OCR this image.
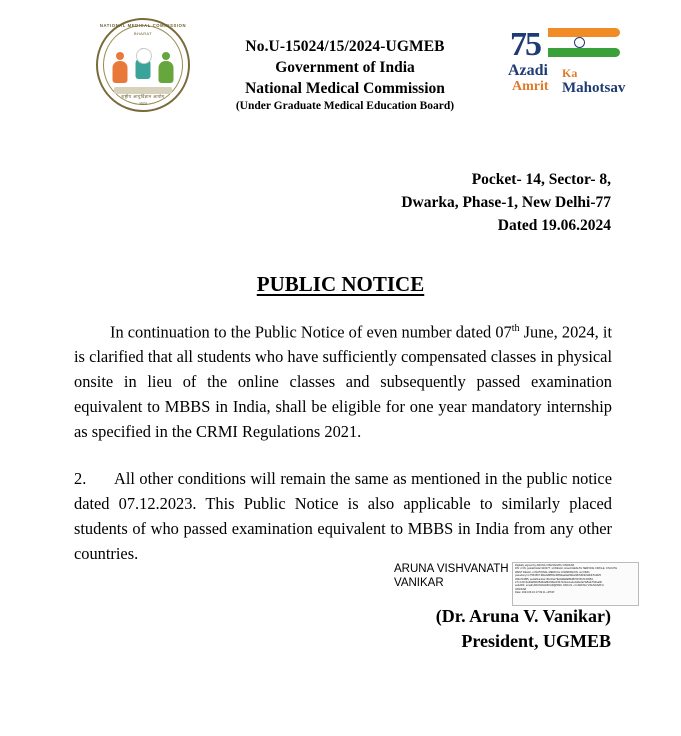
NATIONAL MEDICAL COMMISSION
BHARAT
राष्ट्रीय आयुर्विज्ञान आयोग
भारत
No.U-15024/15/2024-UGMEB
Government of India
National Medical Commission
(Under Graduate Medical Education Board)
75
Azadi Ka
Amrit Mahotsav
Pocket- 14, Sector- 8,
Dwarka, Phase-1, New Delhi-77
Dated 19.06.2024
PUBLIC NOTICE

In continuation to the Public Notice of even number dated 07th June, 2024, it is clarified that all students who have sufficiently compensated classes in physical onsite in lieu of the online classes and subsequently passed examination equivalent to MBBS in India, shall be eligible for one year mandatory internship as specified in the CRMI Regulations 2021.

2. All other conditions will remain the same as mentioned in the public notice dated 07.12.2023. This Public Notice is also applicable to similarly placed students of who passed examination equivalent to MBBS in India from any other countries.

ARUNA VISHVANATH
VANIKAR
Digitally signed by ARUNA VISHVANATH VANIKAR
DN: c=IN, postalCode=110077, st=DELHI, street=HEALTH SERVICE CIRCLE, l=SOUTH
WEST DELHI, o=NATIONAL MEDICAL COMMISSION, ou=NMC,
pseudonym=7564597.98e2a8f65bc48f92aa0a29bbe68c5929c9db37bdd25
c84a7198f5, serialNumber=ffcc19e79e0a8a8a85d870074b7130384,
2.5.4.20=2e39a69165d62a8b339ac15472d1ce1a1e1a6e3a7fa5a27f4b1a0b
ee42bf3, email=ARUNAVANIKAR@NMC.ORG.IN, cn=ARUNA VISHVANATH
VANIKAR
Date: 2024.06.19 17:09:11 +05'30'
(Dr. Aruna V. Vanikar)
President, UGMEB
